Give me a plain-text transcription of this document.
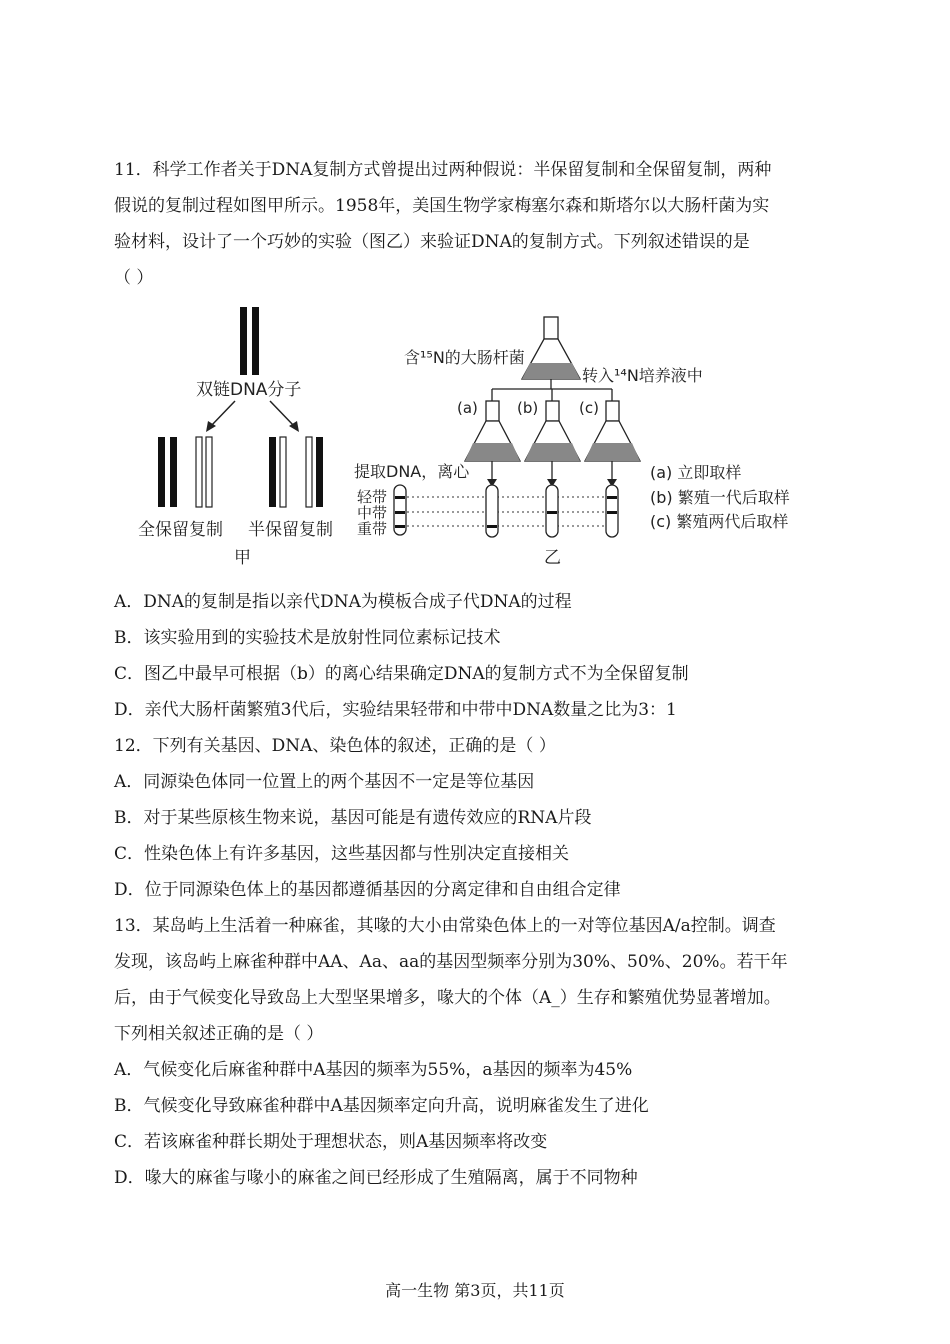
11．科学工作者关于DNA复制方式曾提出过两种假说：半保留复制和全保留复制，两种
假说的复制过程如图甲所示。1958年，美国生物学家梅塞尔森和斯塔尔以大肠杆菌为实
验材料，设计了一个巧妙的实验（图乙）来验证DNA的复制方式。下列叙述错误的是
（ ）
双链DNA分子
全保留复制 半保留复制
甲
含¹⁵N的大肠杆菌
转入¹⁴N培养液中
(a)	(b)	(c)
提取DNA，离心
轻带
中带
重带
(a) 立即取样
(b) 繁殖一代后取样
(c) 繁殖两代后取样
乙
A．DNA的复制是指以亲代DNA为模板合成子代DNA的过程
B．该实验用到的实验技术是放射性同位素标记技术
C．图乙中最早可根据（b）的离心结果确定DNA的复制方式不为全保留复制
D．亲代大肠杆菌繁殖3代后，实验结果轻带和中带中DNA数量之比为3：1
12．下列有关基因、DNA、染色体的叙述，正确的是（ ）
A．同源染色体同一位置上的两个基因不一定是等位基因
B．对于某些原核生物来说，基因可能是有遗传效应的RNA片段
C．性染色体上有许多基因，这些基因都与性别决定直接相关
D．位于同源染色体上的基因都遵循基因的分离定律和自由组合定律
13．某岛屿上生活着一种麻雀，其喙的大小由常染色体上的一对等位基因A/a控制。调查
发现，该岛屿上麻雀种群中AA、Aa、aa的基因型频率分别为30%、50%、20%。若干年
后，由于气候变化导致岛上大型坚果增多，喙大的个体（A_）生存和繁殖优势显著增加。
下列相关叙述正确的是（ ）
A．气候变化后麻雀种群中A基因的频率为55%，a基因的频率为45%
B．气候变化导致麻雀种群中A基因频率定向升高，说明麻雀发生了进化
C．若该麻雀种群长期处于理想状态，则A基因频率将改变
D．喙大的麻雀与喙小的麻雀之间已经形成了生殖隔离，属于不同物种
高一生物 第3页，共11页
